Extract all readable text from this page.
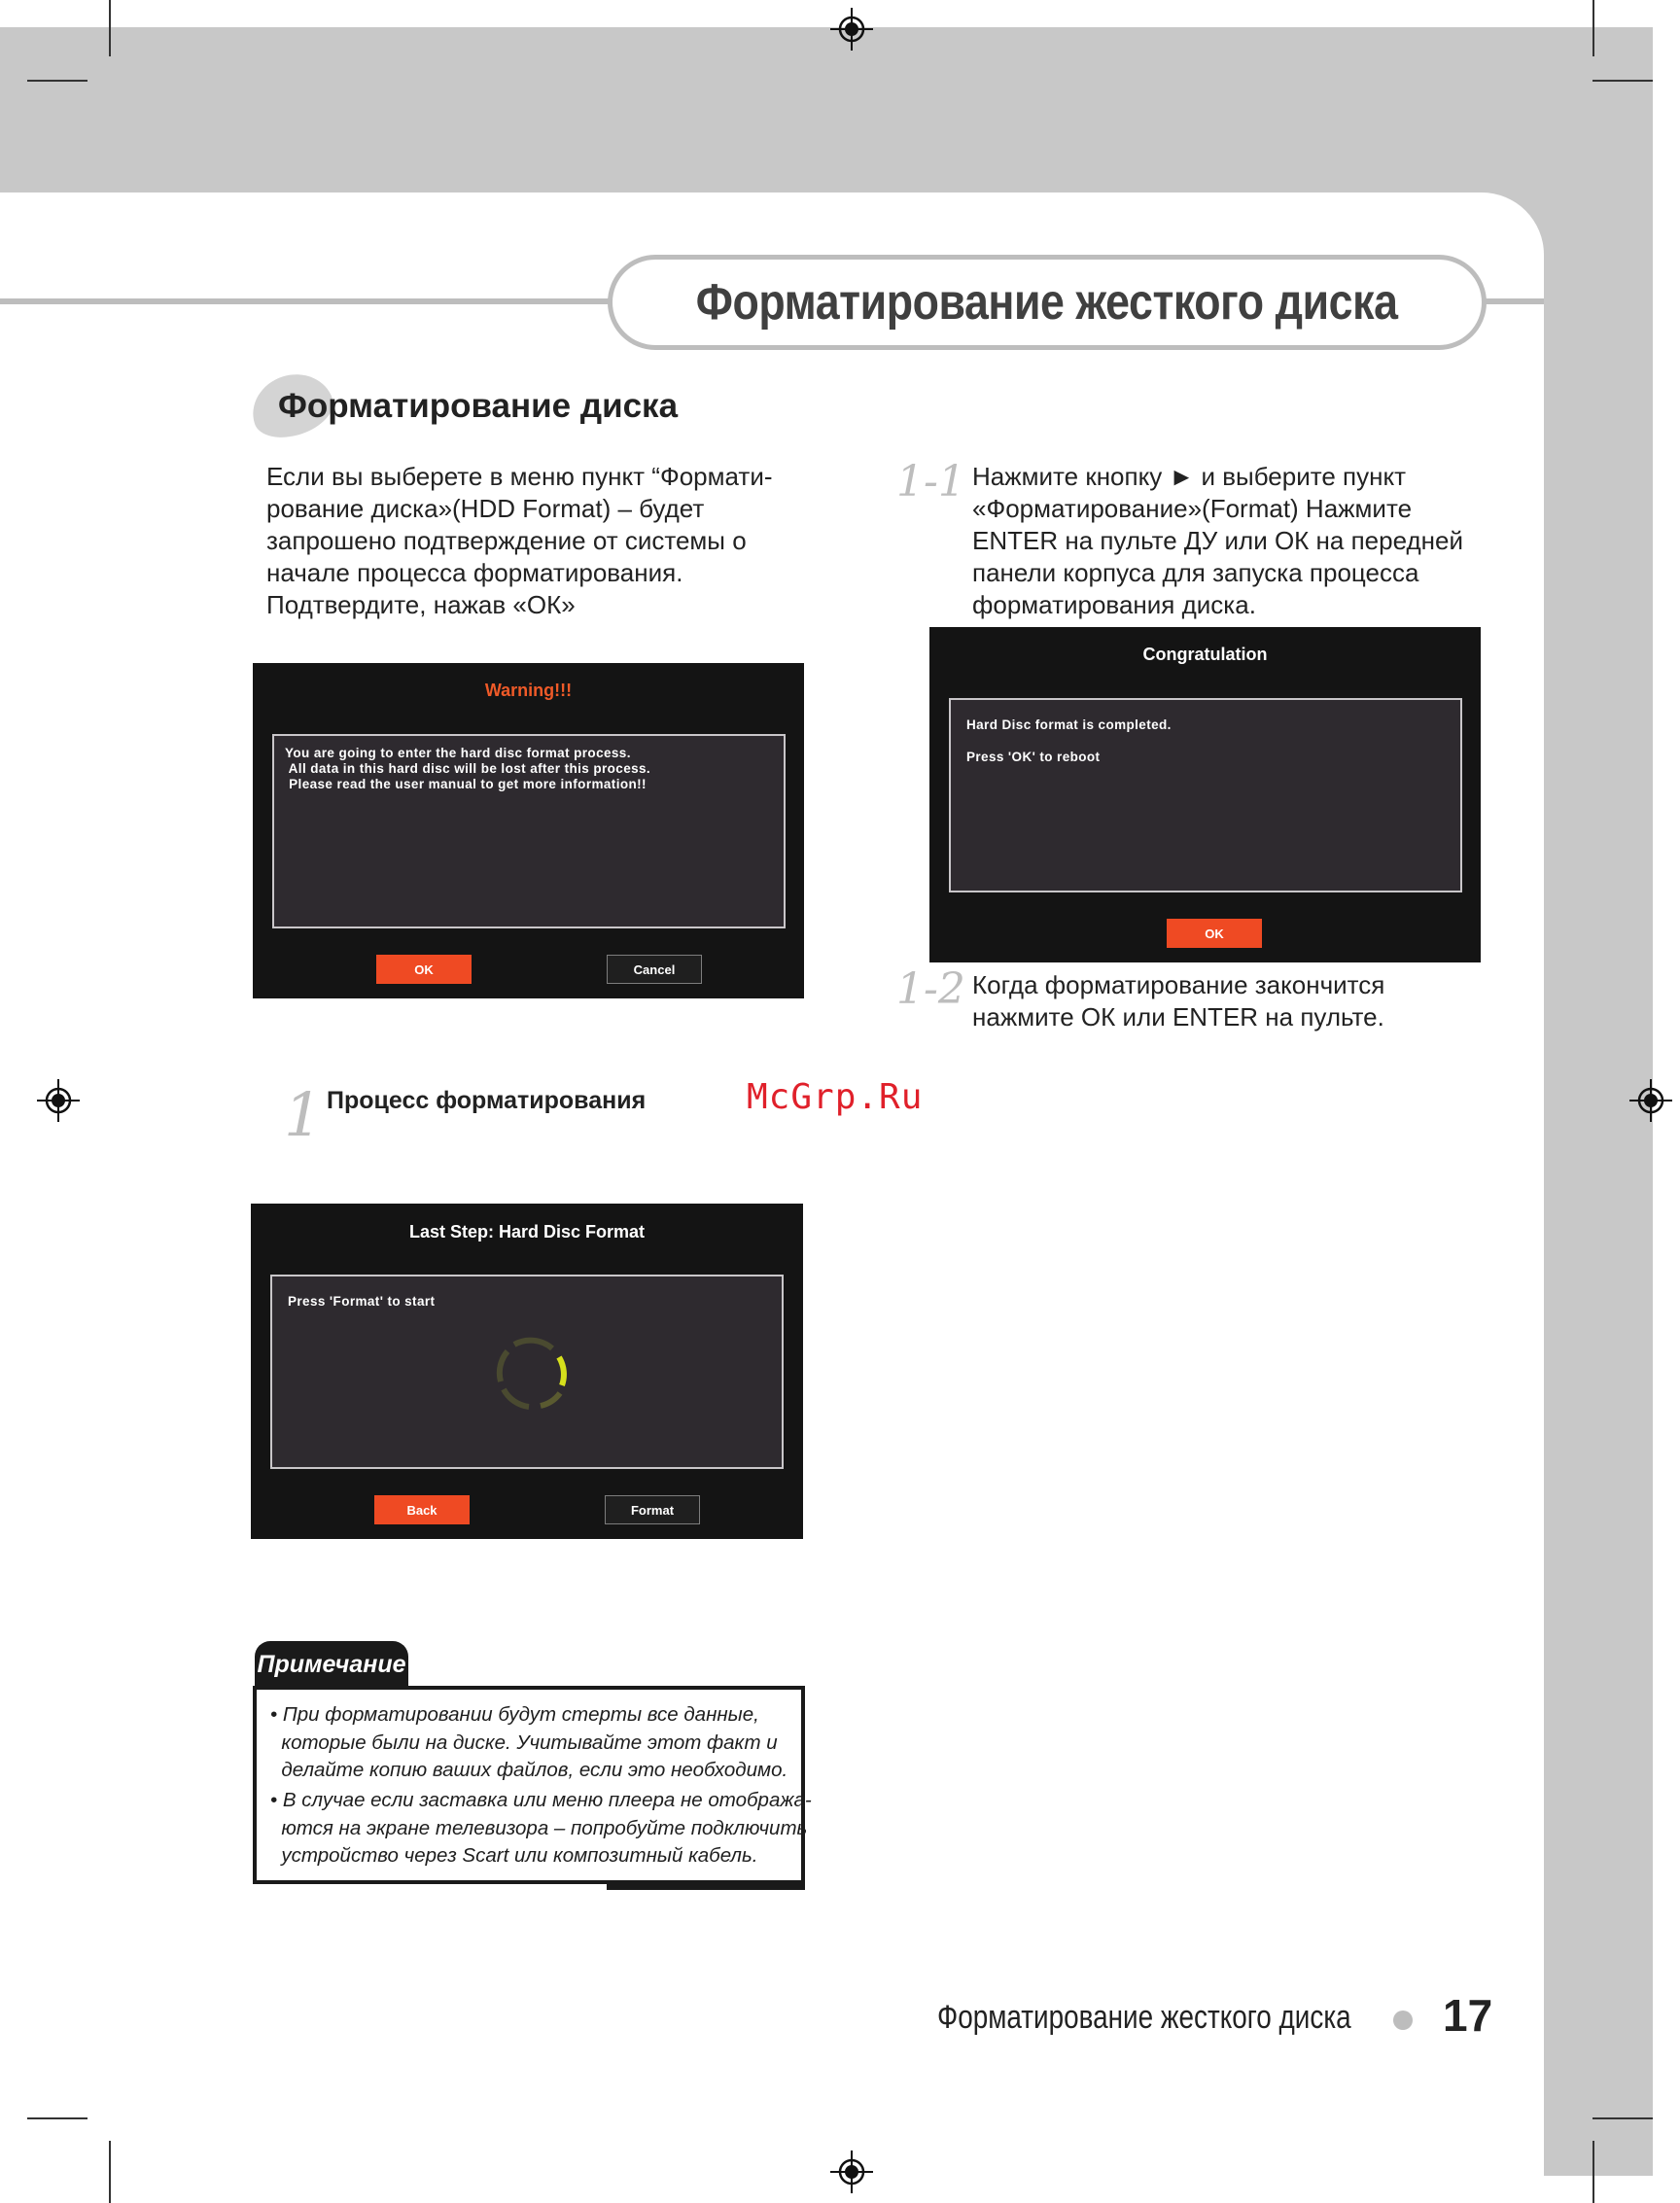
Форматирование жесткого диска
Форматирование диска
Если вы выберете в меню пункт “Формати-
рование диска»(HDD Format) – будет
запрошено подтверждение от системы о
начале процесса форматирования.
Подтвердите, нажав «ОК»
Warning!!!
You are going to enter the hard disc format process.
All data in this hard disc will be lost after this process.
Please read the user manual to get more information!!
OK	Cancel
1 Процесс форматирования	McGrp.Ru
Last Step: Hard Disc Format
Press 'Format' to start
Back	Format
1-1 Нажмите кнопку ► и выберите пункт
«Форматирование»(Format) Нажмите
ENTER на пульте ДУ или ОК на передней
панели корпуса для запуска процесса
форматирования диска.
Congratulation
Hard Disc format is completed.
Press 'OK' to reboot
OK
1-2 Когда форматирование закончится
нажмите ОК или ENTER на пульте.
Примечание
• При форматировании будут стерты все данные,
которые были на диске. Учитывайте этот факт и
делайте копию ваших файлов, если это необходимо.
• В случае если заставка или меню плеера не отобража-
ются на экране телевизора – попробуйте подключить
устройство через Scart или композитный кабель.
Форматирование жесткого диска 17
